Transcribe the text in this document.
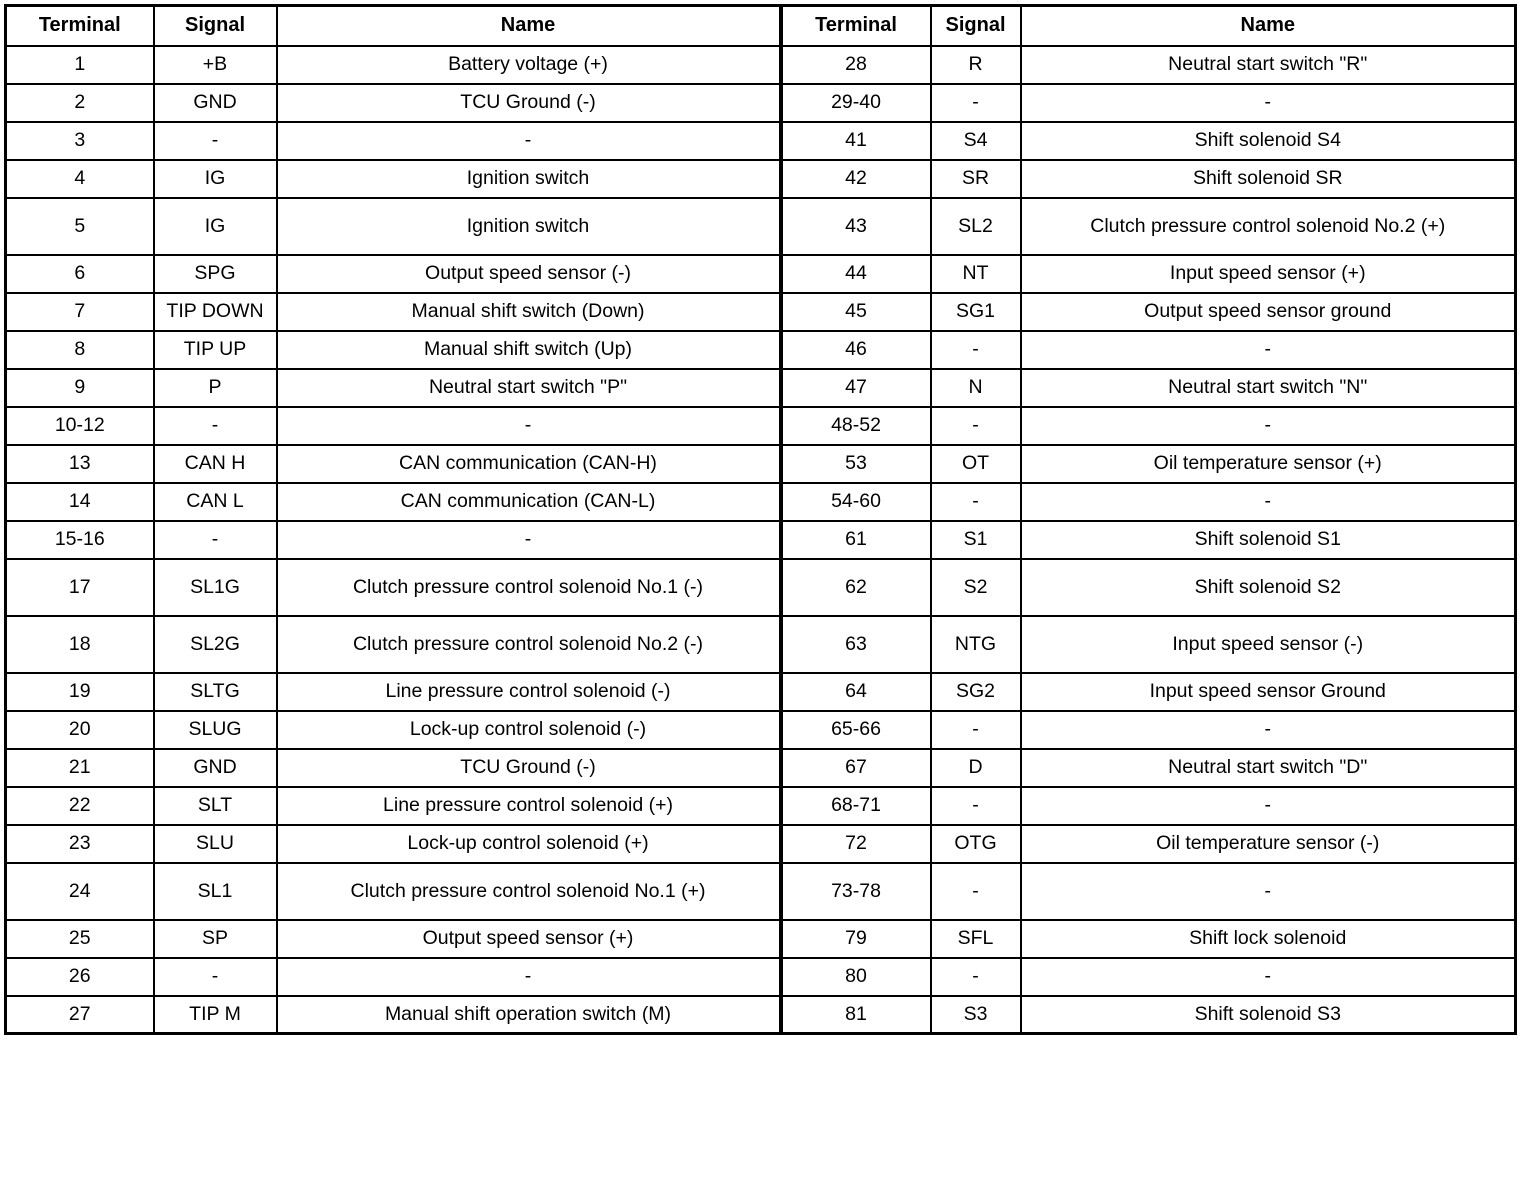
Terminal	Signal	Name	Terminal	Signal	Name
1	+B	Battery voltage (+)	28	R	Neutral start switch "R"
2	GND	TCU Ground (-)	29-40	-	-
3	-	-	41	S4	Shift solenoid S4
4	IG	Ignition switch	42	SR	Shift solenoid SR
5	IG	Ignition switch	43	SL2	Clutch pressure control solenoid No.2 (+)
6	SPG	Output speed sensor (-)	44	NT	Input speed sensor (+)
7	TIP DOWN	Manual shift switch (Down)	45	SG1	Output speed sensor ground
8	TIP UP	Manual shift switch (Up)	46	-	-
9	P	Neutral start switch "P"	47	N	Neutral start switch "N"
10-12	-	-	48-52	-	-
13	CAN H	CAN communication (CAN-H)	53	OT	Oil temperature sensor (+)
14	CAN L	CAN communication (CAN-L)	54-60	-	-
15-16	-	-	61	S1	Shift solenoid S1
17	SL1G	Clutch pressure control solenoid No.1 (-)	62	S2	Shift solenoid S2
18	SL2G	Clutch pressure control solenoid No.2 (-)	63	NTG	Input speed sensor (-)
19	SLTG	Line pressure control solenoid (-)	64	SG2	Input speed sensor Ground
20	SLUG	Lock-up control solenoid (-)	65-66	-	-
21	GND	TCU Ground (-)	67	D	Neutral start switch "D"
22	SLT	Line pressure control solenoid (+)	68-71	-	-
23	SLU	Lock-up control solenoid (+)	72	OTG	Oil temperature sensor (-)
24	SL1	Clutch pressure control solenoid No.1 (+)	73-78	-	-
25	SP	Output speed sensor (+)	79	SFL	Shift lock solenoid
26	-	-	80	-	-
27	TIP M	Manual shift operation switch (M)	81	S3	Shift solenoid S3
